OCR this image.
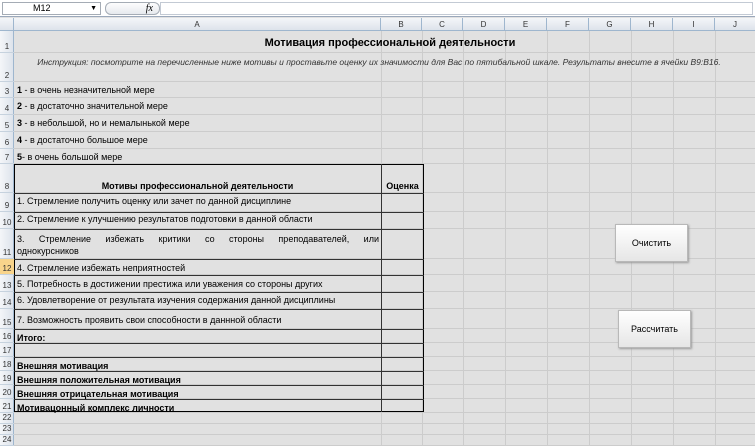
M12	▼	fx
A	B	C	D	E	F	G	H	I	J
1
2
3
4
5
6
7
8
9
10
11
12
13
14
15
16
17
18
19
20
21
22
23
24
Мотивация профессиональной деятельности
Инструкция: посмотрите на перечисленные ниже мотивы и проставьте оценку их значимости для Вас по пятибальной шкале. Результаты внесите в ячейки В9:В16.
1 - в очень незначительной мере
2 - в достаточно значительной мере
3 - в небольшой, но и немалынькой мере
4 - в достаточно большое мере
5- в очень большой мере
Мотивы профессиональной деятельности	Оценка
1. Стремление получить оценку или зачет по данной дисциплине
2. Стремление к улучшению результатов подготовки в данной области
3. Стремление избежать критики со стороны преподавателей, или
однокурсников
4. Стремление избежать неприятностей
5. Потребность в достижении престижа или уважения со стороны других
6. Удовлетворение от результата изучения содержания данной дисциплины
7. Возможность проявить свои способности в даннной области
Итого:
Внешняя мотивация
Внешняя положительная мотивация
Внешняя отрицательная мотивация
Мотивацонный комплекс личности
Очистить
Рассчитать
